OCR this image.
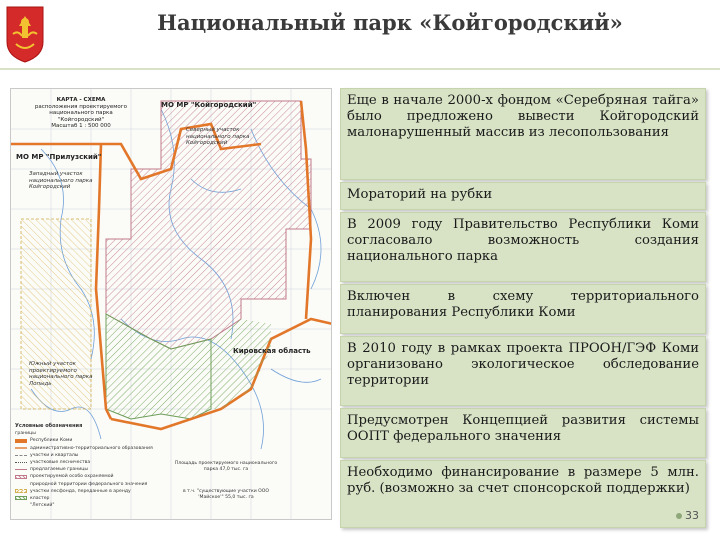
Национальный парк «Койгородский»
КАРТА - СХЕМА
расположения проектируемого
национального парка
"Койгородский"
Масштаб 1 : 500 000
МО МР "Койгородский"
МО МР "Прилузский"
Кировская область
Северный участок национального парка Койгородский
Западный участок национального парка Койгородский
Южный участок проектируемого национального парка Лопыдь
Условные обозначения
границы
Республики Коми
административно-территориального образования
участки и кварталы
участковые лесничества
предлагаемые границы
проектируемой особо охраняемой
природной территории федерального значения
участки лесфонда, переданные в аренду
кластер
"Летский"
Площадь проектируемого национального парка 47,0 тыс. га
в т.ч. "существующие участки ООО 'Майское'" 55,0 тыс. га
Еще в начале 2000-х фондом «Серебряная тайга» было предложено вывести Койгородский малонарушенный массив из лесопользования
Мораторий на рубки
В 2009 году Правительство Республики Коми согласовало возможность создания национального парка
Включен в схему территориального планирования Республики Коми
В 2010 году в рамках проекта ПРООН/ГЭФ Коми организовано экологическое обследование территории
Предусмотрен Концепцией развития системы ООПТ федерального значения
Необходимо финансирование в размере 5 млн. руб. (возможно за счет спонсорской поддержки)
33
